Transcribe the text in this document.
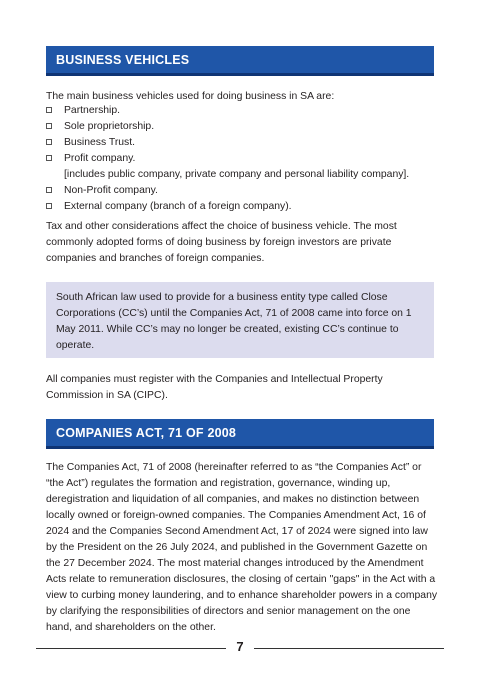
BUSINESS VEHICLES
The main business vehicles used for doing business in SA are:
Partnership.
Sole proprietorship.
Business Trust.
Profit company.
[includes public company, private company and personal liability company].
Non-Profit company.
External company (branch of a foreign company).
Tax and other considerations affect the choice of business vehicle. The most commonly adopted forms of doing business by foreign investors are private companies and branches of foreign companies.
South African law used to provide for a business entity type called Close Corporations (CC’s) until the Companies Act, 71 of 2008 came into force on 1 May 2011. While CC’s may no longer be created, existing CC’s continue to operate.
All companies must register with the Companies and Intellectual Property Commission in SA (CIPC).
COMPANIES ACT, 71 OF 2008
The Companies Act, 71 of 2008 (hereinafter referred to as “the Companies Act” or “the Act”) regulates the formation and registration, governance, winding up, deregistration and liquidation of all companies, and makes no distinction between locally owned or foreign-owned companies. The Companies Amendment Act, 16 of 2024 and the Companies Second Amendment Act, 17 of 2024 were signed into law by the President on the 26 July 2024, and published in the Government Gazette on the 27 December 2024. The most material changes introduced by the Amendment Acts relate to remuneration disclosures, the closing of certain "gaps" in the Act with a view to curbing money laundering, and to enhance shareholder powers in a company by clarifying the responsibilities of directors and senior management on the one hand, and shareholders on the other.
7
